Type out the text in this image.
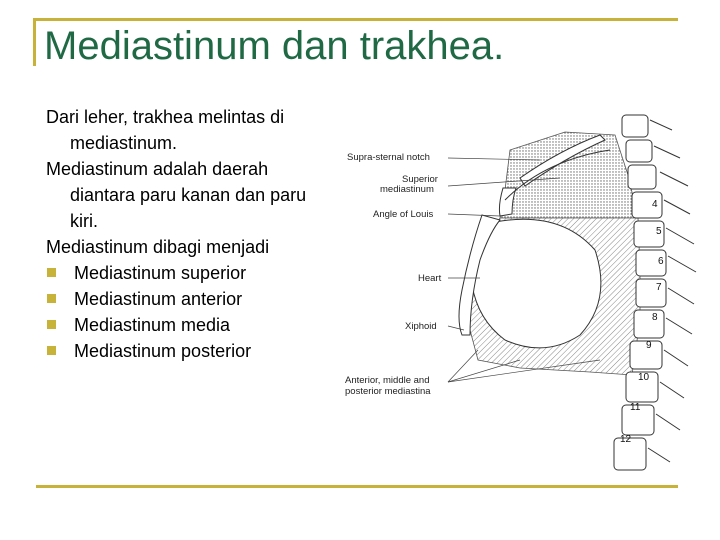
Mediastinum dan trakhea.

Dari leher, trakhea melintas di mediastinum.

Mediastinum adalah daerah diantara paru kanan dan paru kiri.

Mediastinum dibagi menjadi

Mediastinum superior
Mediastinum anterior
Mediastinum media
Mediastinum posterior
4
5
6
7
8
9
10
11
12
Supra-sternal notch
Superior
mediastinum
Angle of Louis
Heart
Xiphoid
Anterior, middle and
posterior mediastina
